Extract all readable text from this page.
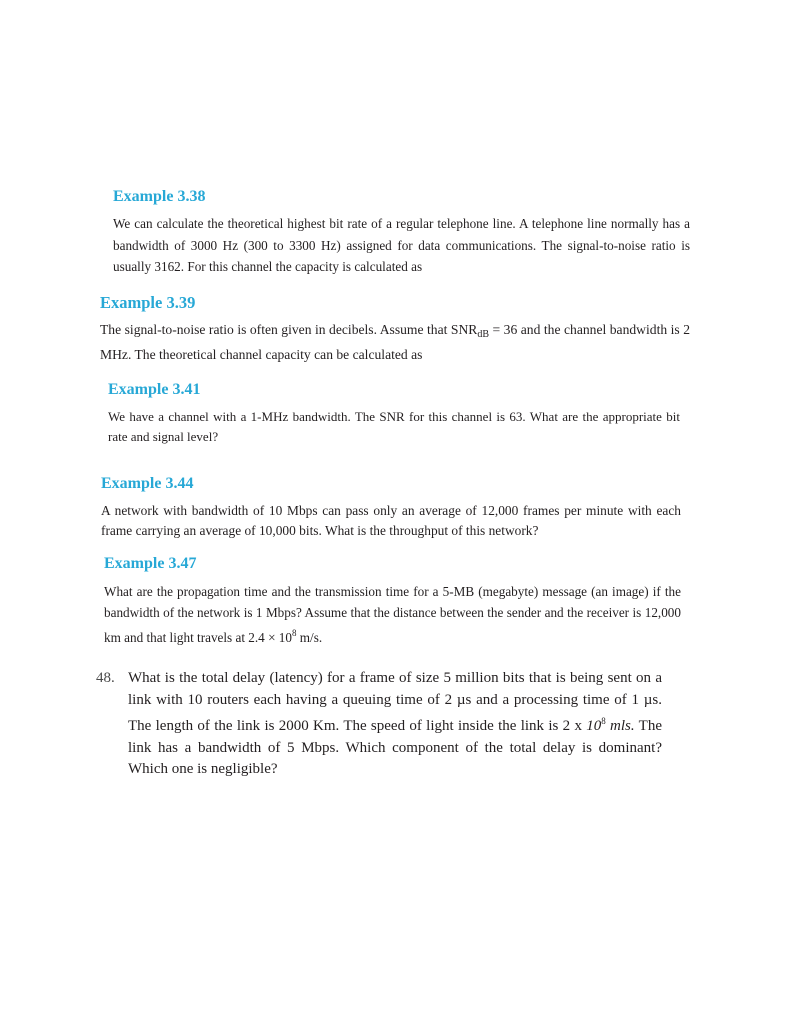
Example 3.38
We can calculate the theoretical highest bit rate of a regular telephone line. A telephone line normally has a bandwidth of 3000 Hz (300 to 3300 Hz) assigned for data communications. The signal-to-noise ratio is usually 3162. For this channel the capacity is calculated as
Example 3.39
The signal-to-noise ratio is often given in decibels. Assume that $SNR_{dB} = 36$ and the channel bandwidth is 2 MHz. The theoretical channel capacity can be calculated as
Example 3.41
We have a channel with a 1-MHz bandwidth. The SNR for this channel is 63. What are the appropriate bit rate and signal level?
Example 3.44
A network with bandwidth of 10 Mbps can pass only an average of 12,000 frames per minute with each frame carrying an average of 10,000 bits. What is the throughput of this network?
Example 3.47
What are the propagation time and the transmission time for a 5-MB (megabyte) message (an image) if the bandwidth of the network is 1 Mbps? Assume that the distance between the sender and the receiver is 12,000 km and that light travels at $2.4 \times 10^8$ m/s.
48. What is the total delay (latency) for a frame of size 5 million bits that is being sent on a link with 10 routers each having a queuing time of 2 µs and a processing time of 1 µs. The length of the link is 2000 Km. The speed of light inside the link is 2 x $10^8$ mls. The link has a bandwidth of 5 Mbps. Which component of the total delay is dominant? Which one is negligible?
